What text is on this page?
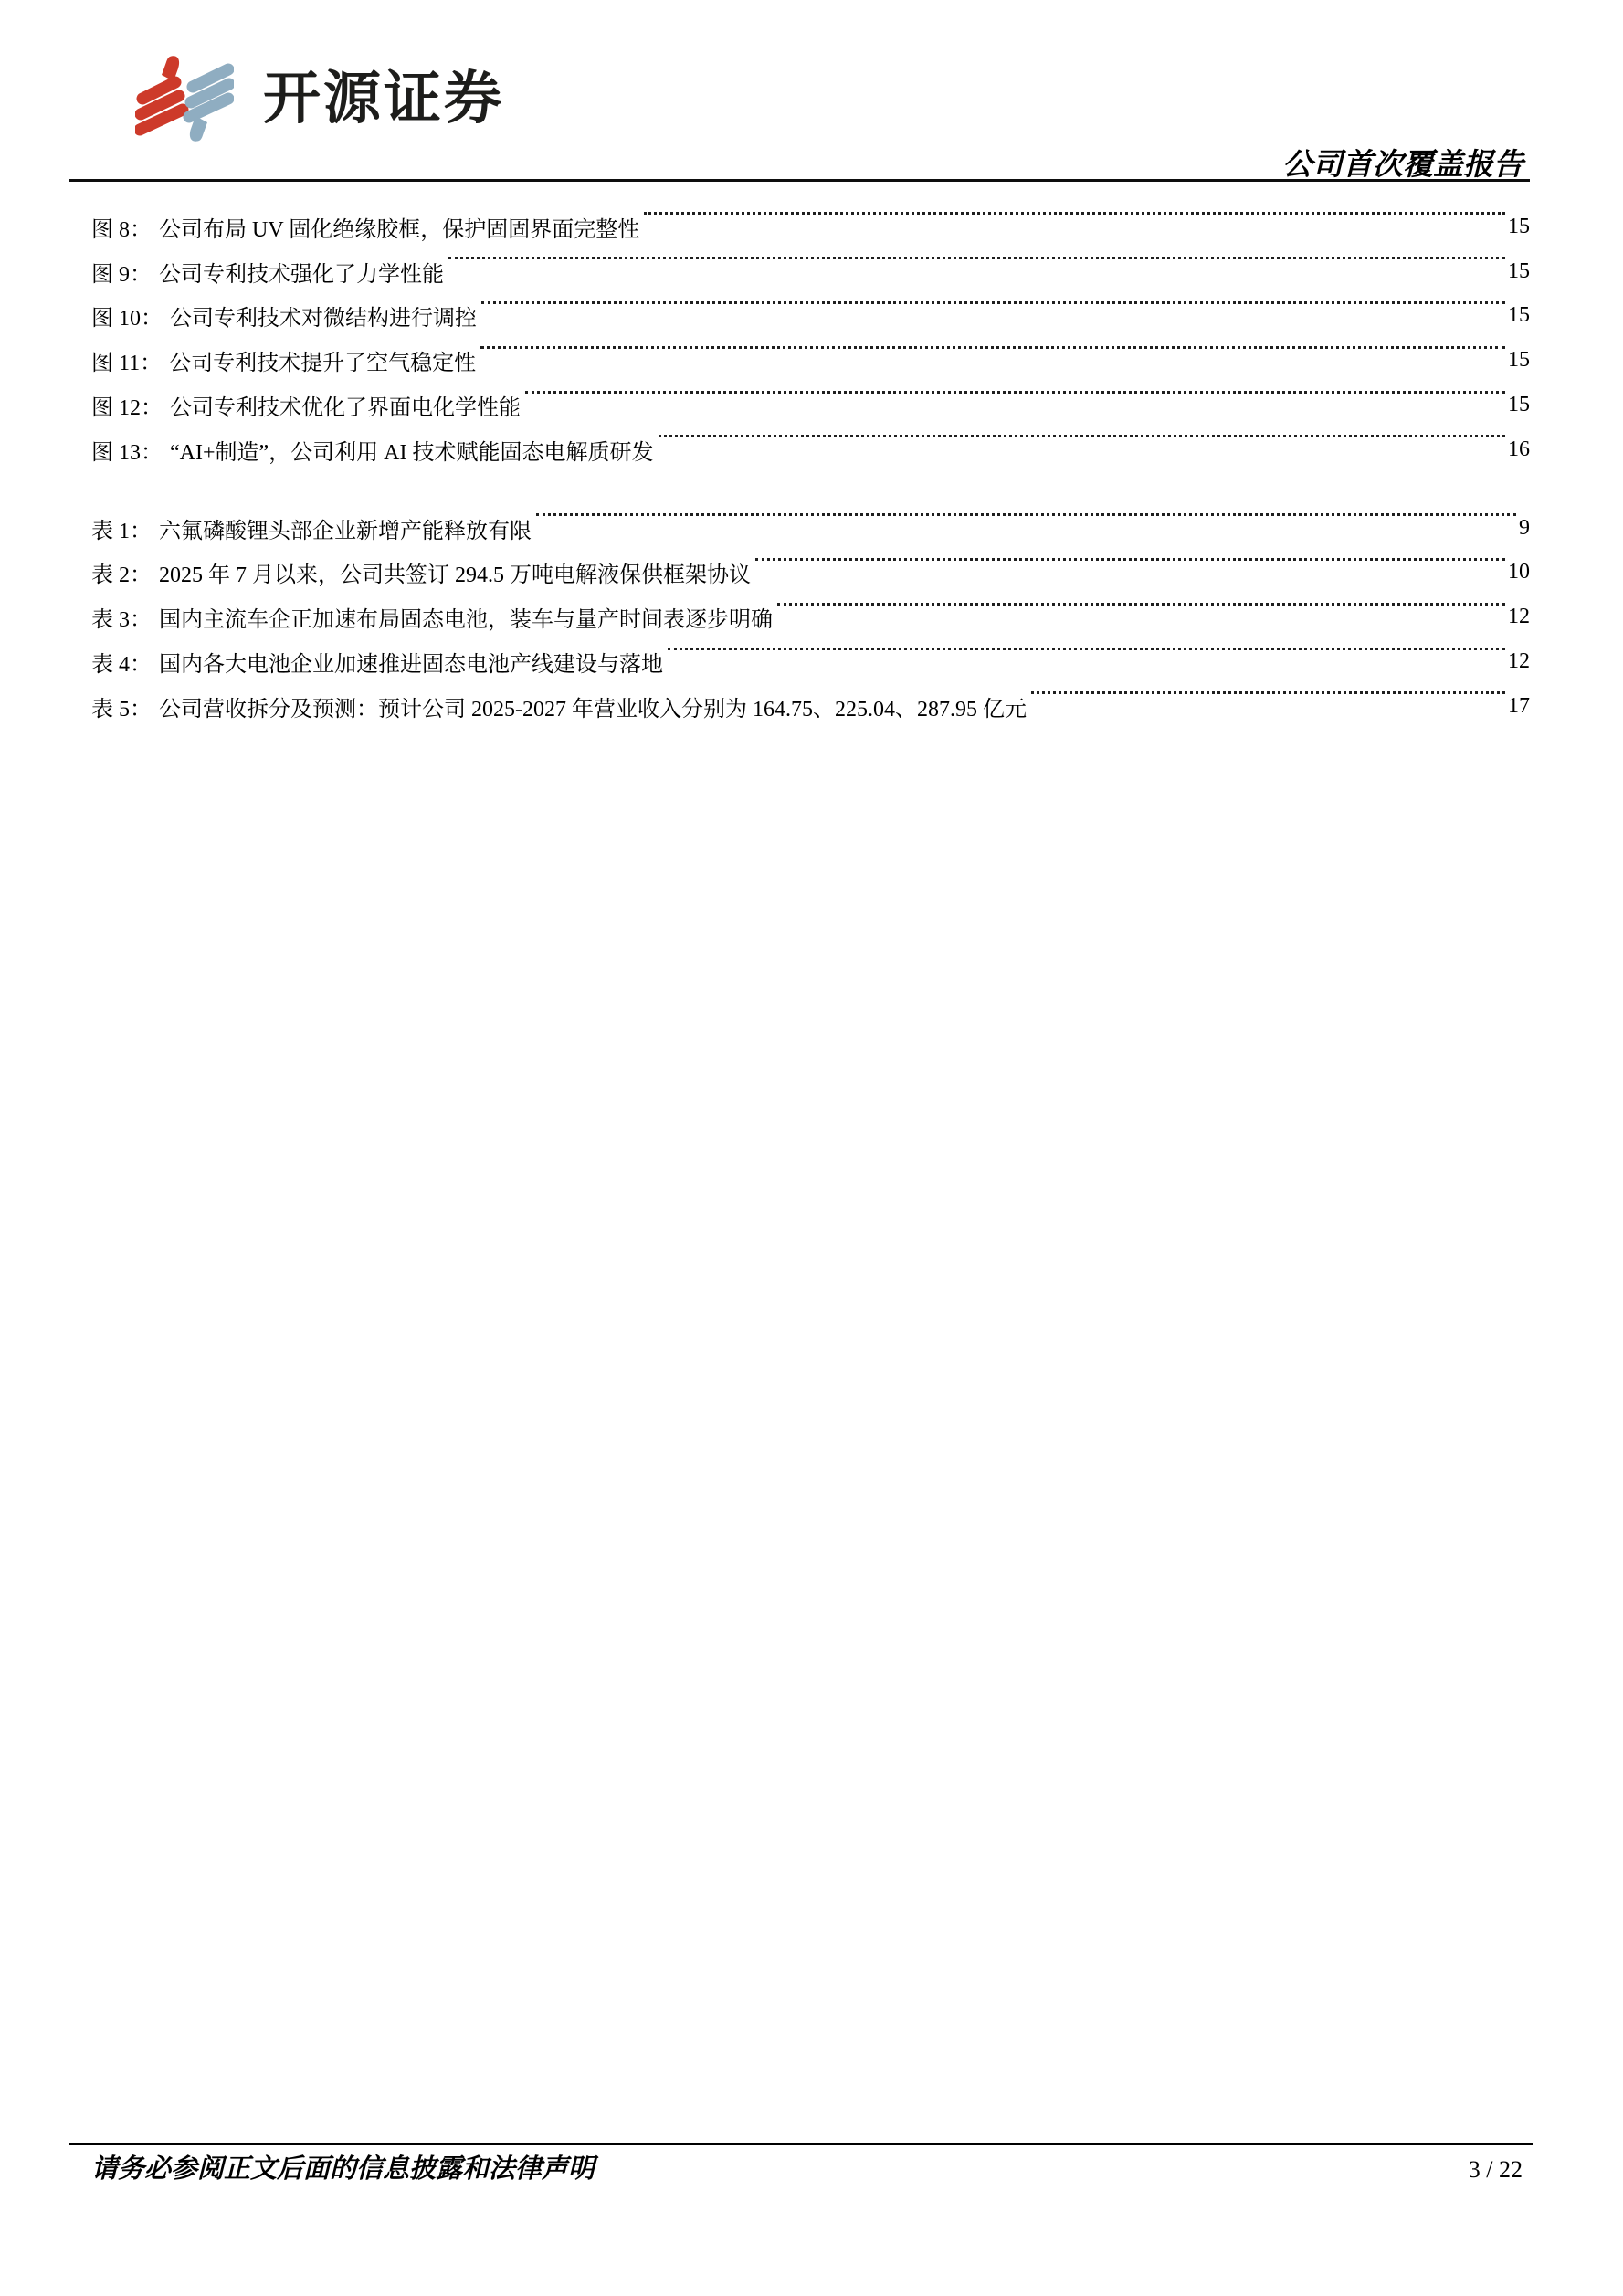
开源证券
公司首次覆盖报告
图 8： 公司布局 UV 固化绝缘胶框，保护固固界面完整性	15
图 9： 公司专利技术强化了力学性能	15
图 10： 公司专利技术对微结构进行调控	15
图 11： 公司专利技术提升了空气稳定性	15
图 12： 公司专利技术优化了界面电化学性能	15
图 13： “AI+制造”，公司利用 AI 技术赋能固态电解质研发	16
表 1： 六氟磷酸锂头部企业新增产能释放有限	9
表 2： 2025 年 7 月以来，公司共签订 294.5 万吨电解液保供框架协议	10
表 3： 国内主流车企正加速布局固态电池，装车与量产时间表逐步明确	12
表 4： 国内各大电池企业加速推进固态电池产线建设与落地	12
表 5： 公司营收拆分及预测：预计公司 2025-2027 年营业收入分别为 164.75、225.04、287.95 亿元	17
请务必参阅正文后面的信息披露和法律声明	3 / 22
